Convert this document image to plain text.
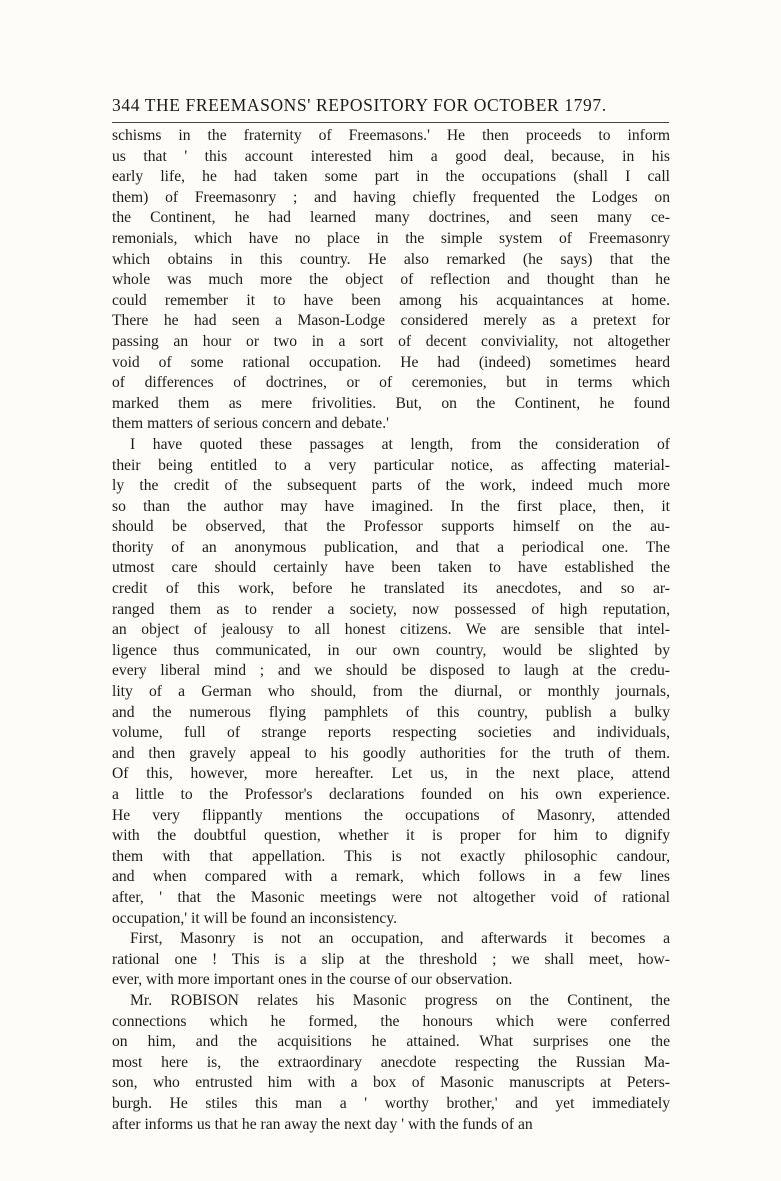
344 THE FREEMASONS' REPOSITORY FOR OCTOBER 1797.
schisms in the fraternity of Freemasons.' He then proceeds to inform
us that ' this account interested him a good deal, because, in his
early life, he had taken some part in the occupations (shall I call
them) of Freemasonry ; and having chiefly frequented the Lodges on
the Continent, he had learned many doctrines, and seen many ce-
remonials, which have no place in the simple system of Freemasonry
which obtains in this country. He also remarked (he says) that the
whole was much more the object of reflection and thought than he
could remember it to have been among his acquaintances at home.
There he had seen a Mason-Lodge considered merely as a pretext for
passing an hour or two in a sort of decent conviviality, not altogether
void of some rational occupation. He had (indeed) sometimes heard
of differences of doctrines, or of ceremonies, but in terms which
marked them as mere frivolities. But, on the Continent, he found
them matters of serious concern and debate.'
I have quoted these passages at length, from the consideration of
their being entitled to a very particular notice, as affecting material-
ly the credit of the subsequent parts of the work, indeed much more
so than the author may have imagined. In the first place, then, it
should be observed, that the Professor supports himself on the au-
thority of an anonymous publication, and that a periodical one. The
utmost care should certainly have been taken to have established the
credit of this work, before he translated its anecdotes, and so ar-
ranged them as to render a society, now possessed of high reputation,
an object of jealousy to all honest citizens. We are sensible that intel-
ligence thus communicated, in our own country, would be slighted by
every liberal mind ; and we should be disposed to laugh at the credu-
lity of a German who should, from the diurnal, or monthly journals,
and the numerous flying pamphlets of this country, publish a bulky
volume, full of strange reports respecting societies and individuals,
and then gravely appeal to his goodly authorities for the truth of them.
Of this, however, more hereafter. Let us, in the next place, attend
a little to the Professor's declarations founded on his own experience.
He very flippantly mentions the occupations of Masonry, attended
with the doubtful question, whether it is proper for him to dignify
them with that appellation. This is not exactly philosophic candour,
and when compared with a remark, which follows in a few lines
after, ' that the Masonic meetings were not altogether void of rational
occupation,' it will be found an inconsistency.
First, Masonry is not an occupation, and afterwards it becomes a
rational one ! This is a slip at the threshold ; we shall meet, how-
ever, with more important ones in the course of our observation.
Mr. ROBISON relates his Masonic progress on the Continent, the
connections which he formed, the honours which were conferred
on him, and the acquisitions he attained. What surprises one the
most here is, the extraordinary anecdote respecting the Russian Ma-
son, who entrusted him with a box of Masonic manuscripts at Peters-
burgh. He stiles this man a ' worthy brother,' and yet immediately
after informs us that he ran away the next day ' with the funds of an
